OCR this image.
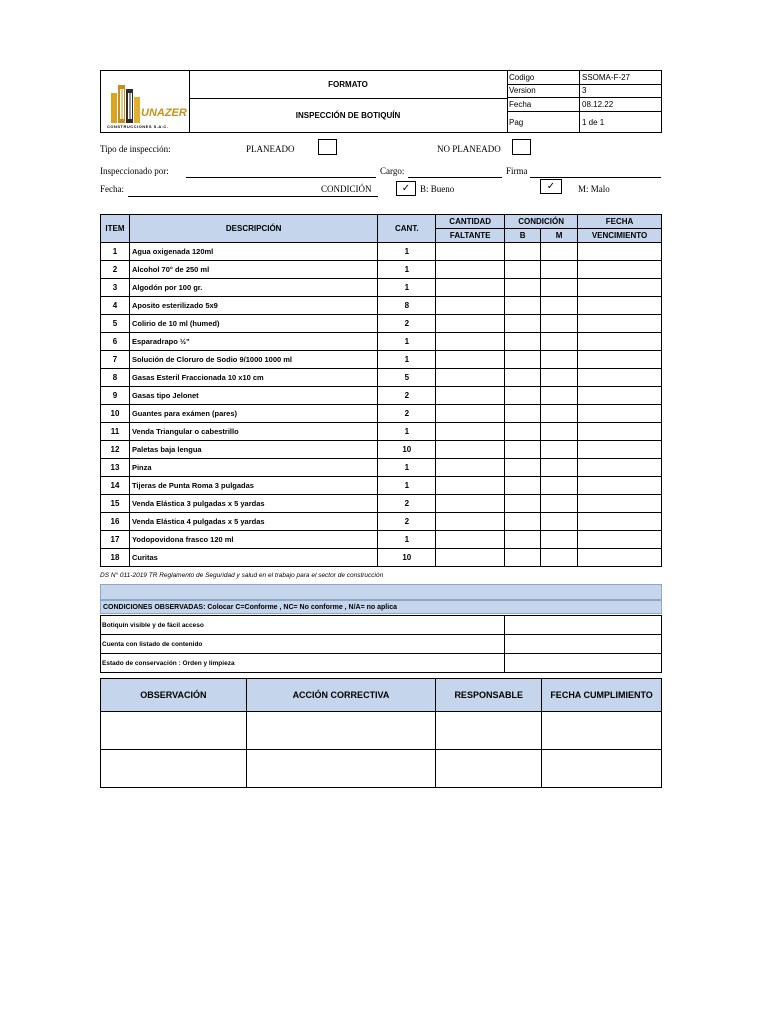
UNAZER
CONSTRUCCIONES S.A.C.
FORMATO
INSPECCIÓN DE BOTIQUÍN
Codigo	SSOMA-F-27
Version	3
Fecha	08.12.22
Pag	1 de 1
Tipo de inspección:	PLANEADO	NO PLANEADO
Inspeccionado por:	Cargo:	Firma
Fecha:	CONDICIÓN	✓	B: Bueno	✓	M: Malo
ITEM	DESCRIPCIÓN	CANT.	CANTIDAD	CONDICIÓN		FECHA
			FALTANTE	B	M	VENCIMIENTO
1	Agua oxigenada 120ml	1				
2	Alcohol 70° de 250 ml	1				
3	Algodón por 100 gr.	1				
4	Aposito esterilizado 5x9	8				
5	Colirio de 10 ml (humed)	2				
6	Esparadrapo ½"	1				
7	Solución de Cloruro de Sodio 9/1000 1000 ml	1				
8	Gasas Esteril Fraccionada 10 x10 cm	5				
9	Gasas tipo Jelonet	2				
10	Guantes para exámen (pares)	2				
11	Venda Triangular o cabestrillo	1				
12	Paletas baja lengua	10				
13	Pinza	1				
14	Tijeras de Punta Roma 3 pulgadas	1				
15	Venda Elástica 3 pulgadas x 5 yardas	2				
16	Venda Elástica 4 pulgadas x 5 yardas	2				
17	Yodopovidona frasco 120 ml	1				
18	Curitas	10				
DS N° 011-2019 TR Reglamento de Seguridad y salud en el trabajo para el sector de construcción
CONDICIONES OBSERVADAS: Colocar C=Conforme , NC= No conforme , N/A= no aplica
Botiquín visible y de fácil acceso	
Cuenta con listado de contenido	
Estado de conservación : Orden y limpieza	
OBSERVACIÓN	ACCIÓN CORRECTIVA	RESPONSABLE	FECHA CUMPLIMIENTO
